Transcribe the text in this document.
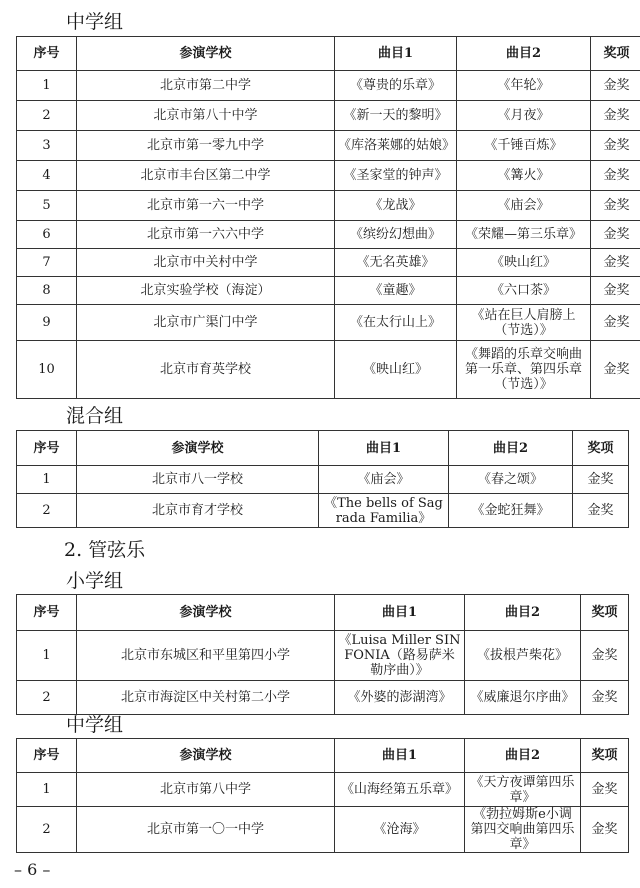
中学组
序号	参演学校	曲目1	曲目2	奖项
1	北京市第二中学	《尊贵的乐章》	《年轮》	金奖
2	北京市第八十中学	《新一天的黎明》	《月夜》	金奖
3	北京市第一零九中学	《库洛莱娜的姑娘》	《千锤百炼》	金奖
4	北京市丰台区第二中学	《圣家堂的钟声》	《篝火》	金奖
5	北京市第一六一中学	《龙战》	《庙会》	金奖
6	北京市第一六六中学	《缤纷幻想曲》	《荣耀—第三乐章》	金奖
7	北京市中关村中学	《无名英雄》	《映山红》	金奖
8	北京实验学校（海淀）	《童趣》	《六口茶》	金奖
9	北京市广渠门中学	《在太行山上》	《站在巨人肩膀上（节选）》	金奖
10	北京市育英学校	《映山红》	《舞蹈的乐章交响曲 第一乐章、第四乐章（节选）》	金奖
混合组
序号	参演学校	曲目1	曲目2	奖项
1	北京市八一学校	《庙会》	《春之颂》	金奖
2	北京市育才学校	《The bells of Sagrada Familia》	《金蛇狂舞》	金奖
2. 管弦乐
小学组
序号	参演学校	曲目1	曲目2	奖项
1	北京市东城区和平里第四小学	《Luisa Miller SINFONIA（路易萨米勒序曲）》	《拔根芦柴花》	金奖
2	北京市海淀区中关村第二小学	《外婆的澎湖湾》	《威廉退尔序曲》	金奖
中学组
序号	参演学校	曲目1	曲目2	奖项
1	北京市第八中学	《山海经第五乐章》	《天方夜谭第四乐章》	金奖
2	北京市第一〇一中学	《沧海》	《勃拉姆斯e小调第四交响曲第四乐章》	金奖
– 6 –
